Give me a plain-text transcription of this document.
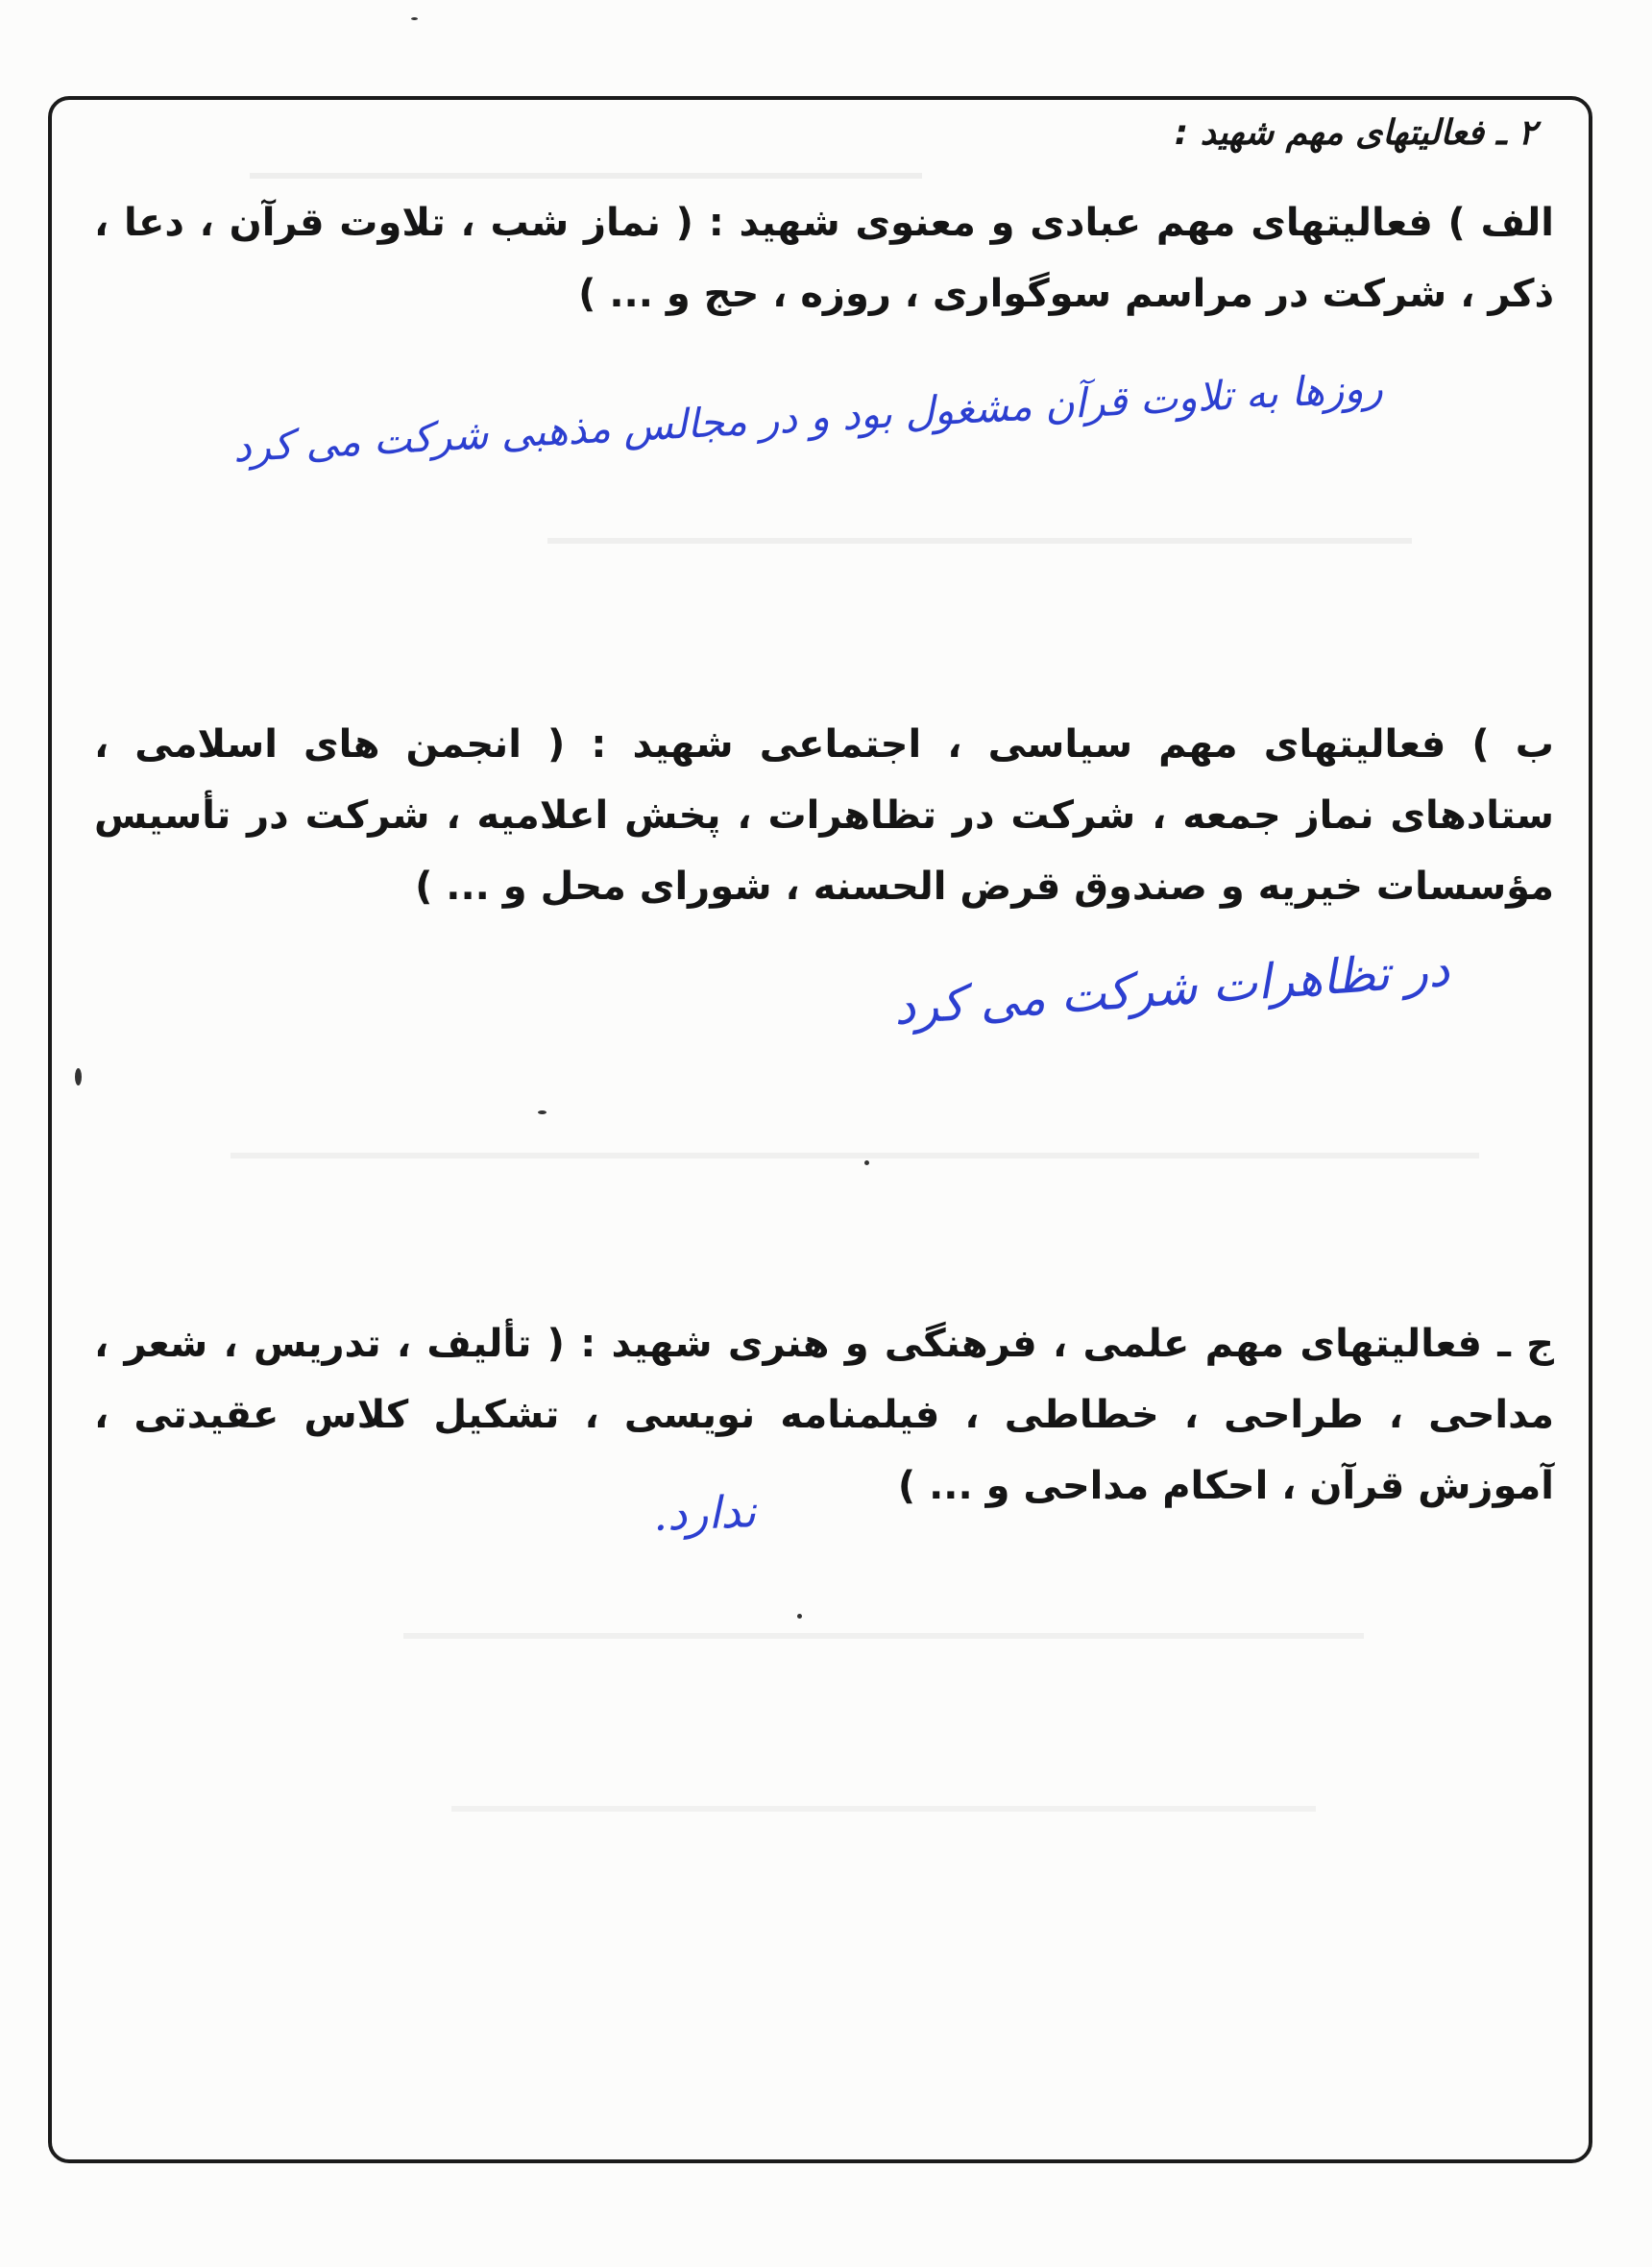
۲ ـ فعالیتهای مهم شهید :
الف ) فعالیتهای مهم عبادی و معنوی شهید : ( نماز شب ، تلاوت قرآن ، دعا ، ذکر ، شرکت در مراسم سوگواری ، روزه ، حج و ... )
روزها به تلاوت قرآن مشغول بود و در مجالس مذهبی شرکت می کرد
ب ) فعالیتهای مهم سیاسی ، اجتماعی شهید : ( انجمن های اسلامی ، ستادهای نماز جمعه ، شرکت در تظاهرات ، پخش اعلامیه ، شرکت در تأسیس مؤسسات خیریه و صندوق قرض الحسنه ، شورای محل و ... )
در تظاهرات شرکت می کرد
ج ـ فعالیتهای مهم علمی ، فرهنگی و هنری شهید : ( تألیف ، تدریس ، شعر ، مداحی ، طراحی ، خطاطی ، فیلمنامه نویسی ، تشکیل کلاس عقیدتی ، آموزش قرآن ، احکام مداحی و ... )
ندارد.
